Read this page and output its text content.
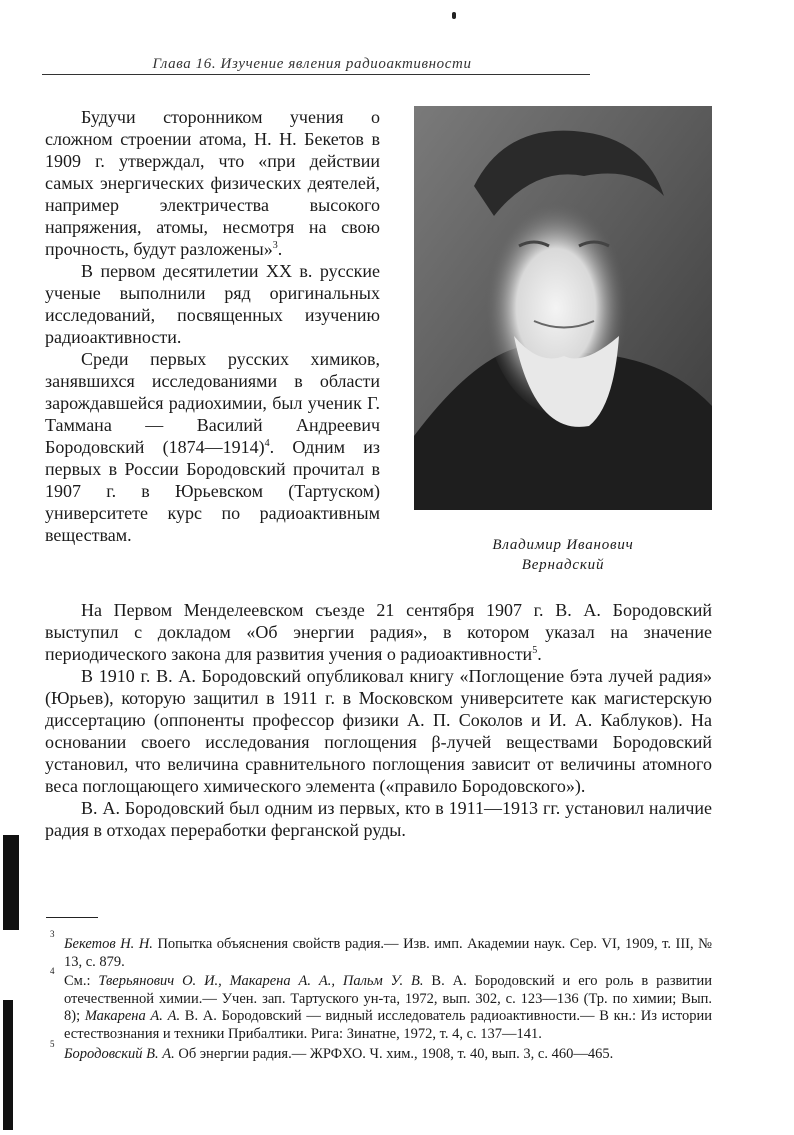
Глава 16. Изучение явления радиоактивности

Будучи сторонником учения о сложном строении атома, Н. Н. Бекетов в 1909 г. утверждал, что «при действии самых энергических физических деятелей, например электричества высокого напряжения, атомы, несмотря на свою прочность, будут разложены»$^3$.

В первом десятилетии XX в. русские ученые выполнили ряд оригинальных исследований, посвященных изучению радиоактивности.

Среди первых русских химиков, занявшихся исследованиями в области зарождавшейся радиохимии, был ученик Г. Таммана — Василий Андреевич Бородовский (1874—1914)$^4$. Одним из первых в России Бородовский прочитал в 1907 г. в Юрьевском (Тартуском) университете курс по радиоактивным веществам.	Владимир Иванович
Вернадский

На Первом Менделеевском съезде 21 сентября 1907 г. В. А. Бородовский выступил с докладом «Об энергии радия», в котором указал на значение периодического закона для развития учения о радиоактивности$^5$.

В 1910 г. В. А. Бородовский опубликовал книгу «Поглощение бэта лучей радия» (Юрьев), которую защитил в 1911 г. в Московском университете как магистерскую диссертацию (оппоненты профессор физики А. П. Соколов и И. А. Каблуков). На основании своего исследования поглощения β-лучей веществами Бородовский установил, что величина сравнительного поглощения зависит от величины атомного веса поглощающего химического элемента («правило Бородовского»).

В. А. Бородовский был одним из первых, кто в 1911—1913 гг. установил наличие радия в отходах переработки ферганской руды.

3
Бекетов Н. Н. Попытка объяснения свойств радия.— Изв. имп. Академии наук. Сер. VI, 1909, т. III, № 13, с. 879.

4
См.: Тверьянович О. И., Макарена А. А., Пальм У. В. В. А. Бородовский и его роль в развитии отечественной химии.— Учен. зап. Тартуского ун-та, 1972, вып. 302, с. 123—136 (Тр. по химии; Вып. 8); Макарена А. А. В. А. Бородовский — видный исследователь радиоактивности.— В кн.: Из истории естествознания и техники Прибалтики. Рига: Зинатне, 1972, т. 4, с. 137—141.

5
Бородовский В. А. Об энергии радия.— ЖРФХО. Ч. хим., 1908, т. 40, вып. 3, с. 460—465.
